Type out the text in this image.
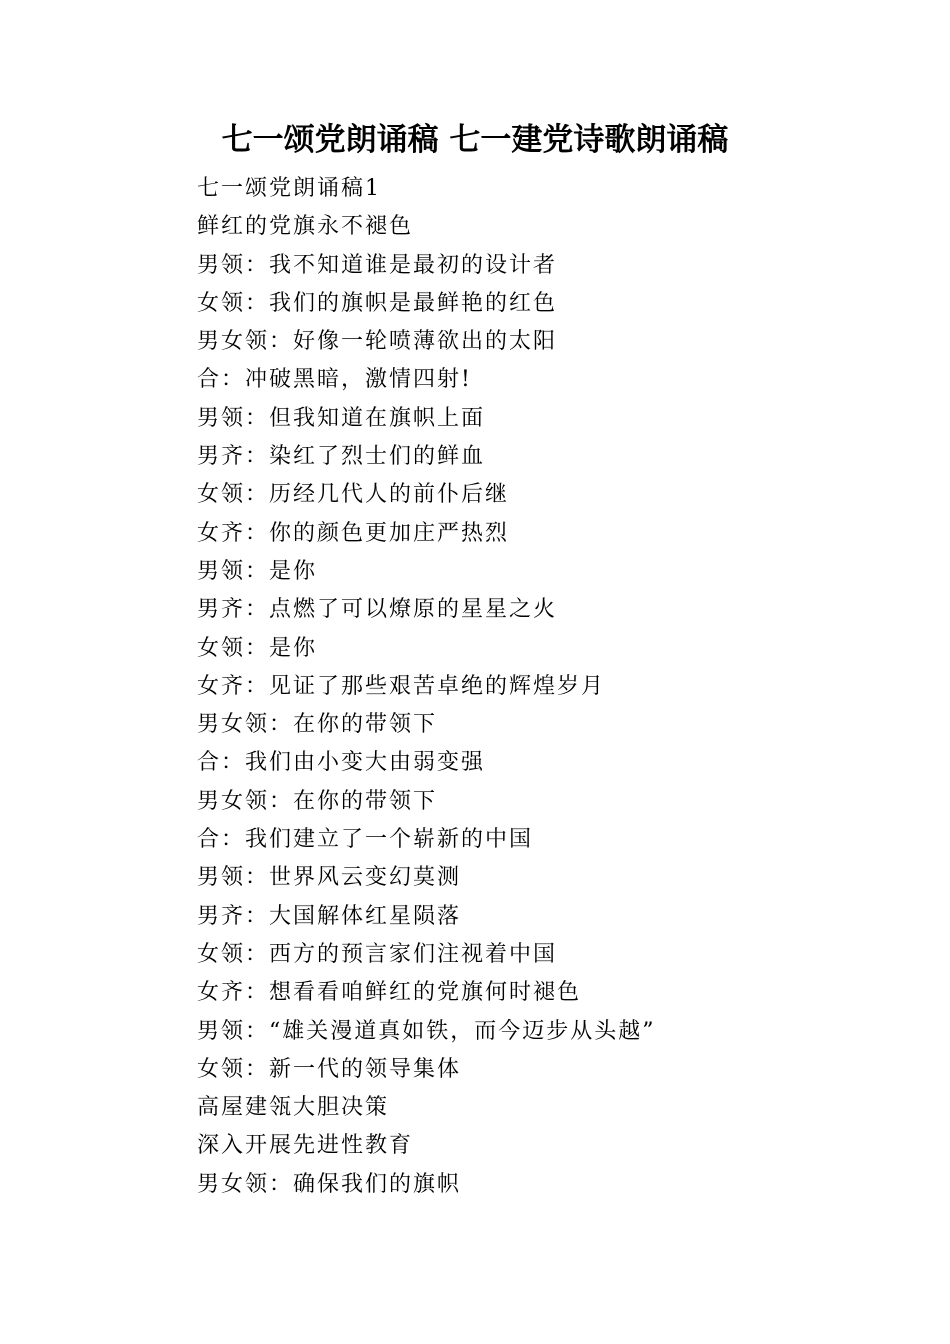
七一颂党朗诵稿 七一建党诗歌朗诵稿
七一颂党朗诵稿1
鲜红的党旗永不褪色
男领：我不知道谁是最初的设计者
女领：我们的旗帜是最鲜艳的红色
男女领：好像一轮喷薄欲出的太阳
合：冲破黑暗，激情四射!
男领：但我知道在旗帜上面
男齐：染红了烈士们的鲜血
女领：历经几代人的前仆后继
女齐：你的颜色更加庄严热烈
男领：是你
男齐：点燃了可以燎原的星星之火
女领：是你
女齐：见证了那些艰苦卓绝的辉煌岁月
男女领：在你的带领下
合：我们由小变大由弱变强
男女领：在你的带领下
合：我们建立了一个崭新的中国
男领：世界风云变幻莫测
男齐：大国解体红星陨落
女领：西方的预言家们注视着中国
女齐：想看看咱鲜红的党旗何时褪色
男领：“雄关漫道真如铁，而今迈步从头越”
女领：新一代的领导集体
高屋建瓴大胆决策
深入开展先进性教育
男女领：确保我们的旗帜
